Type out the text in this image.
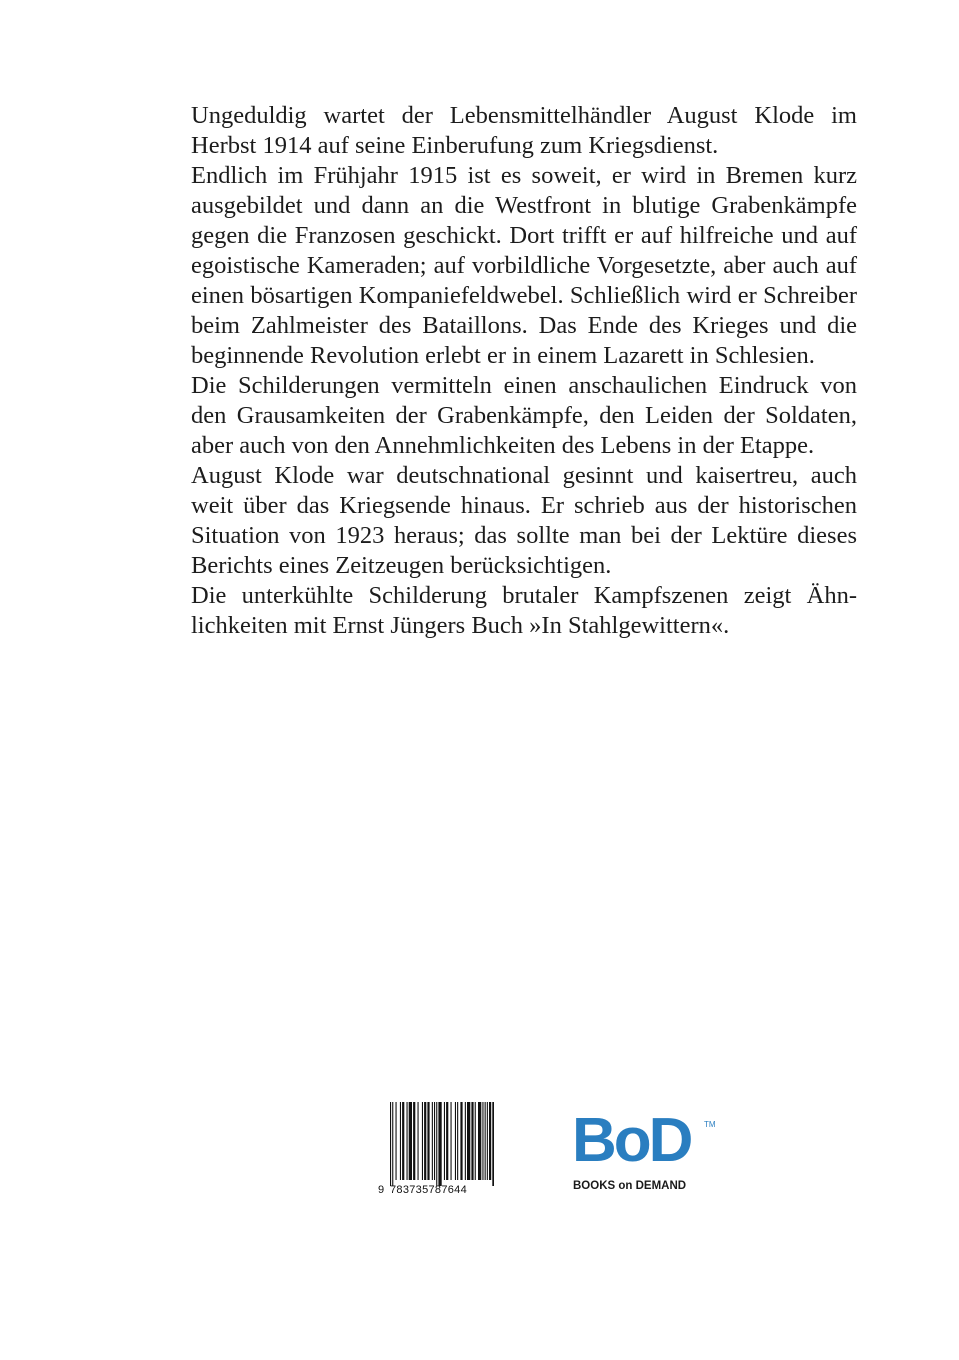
Ungeduldig wartet der Lebensmittelhändler August Klode im Herbst 1914 auf seine Einberufung zum Kriegsdienst.

Endlich im Frühjahr 1915 ist es soweit, er wird in Bremen kurz ausgebildet und dann an die Westfront in blutige Grabenkämpfe gegen die Franzosen geschickt. Dort trifft er auf hilfreiche und auf egoistische Kameraden; auf vorbildliche Vorgesetzte, aber auch auf einen bösartigen Kompaniefeldwebel. Schließlich wird er Schreiber beim Zahlmeister des Bataillons. Das Ende des Krieges und die beginnende Revolution erlebt er in einem Lazarett in Schlesien.

Die Schilderungen vermitteln einen anschaulichen Eindruck von den Grausamkeiten der Grabenkämpfe, den Leiden der Soldaten, aber auch von den Annehmlichkeiten des Lebens in der Etappe.

August Klode war deutschnational gesinnt und kaisertreu, auch weit über das Kriegsende hinaus. Er schrieb aus der historischen Situation von 1923 heraus; das sollte man bei der Lektüre dieses Berichts eines Zeitzeugen berücksichtigen.

Die unterkühlte Schilderung brutaler Kampfszenen zeigt Ähnlichkeiten mit Ernst Jüngers Buch »In Stahlgewittern«.

9 783735787644
BoD TM
BOOKS on DEMAND
